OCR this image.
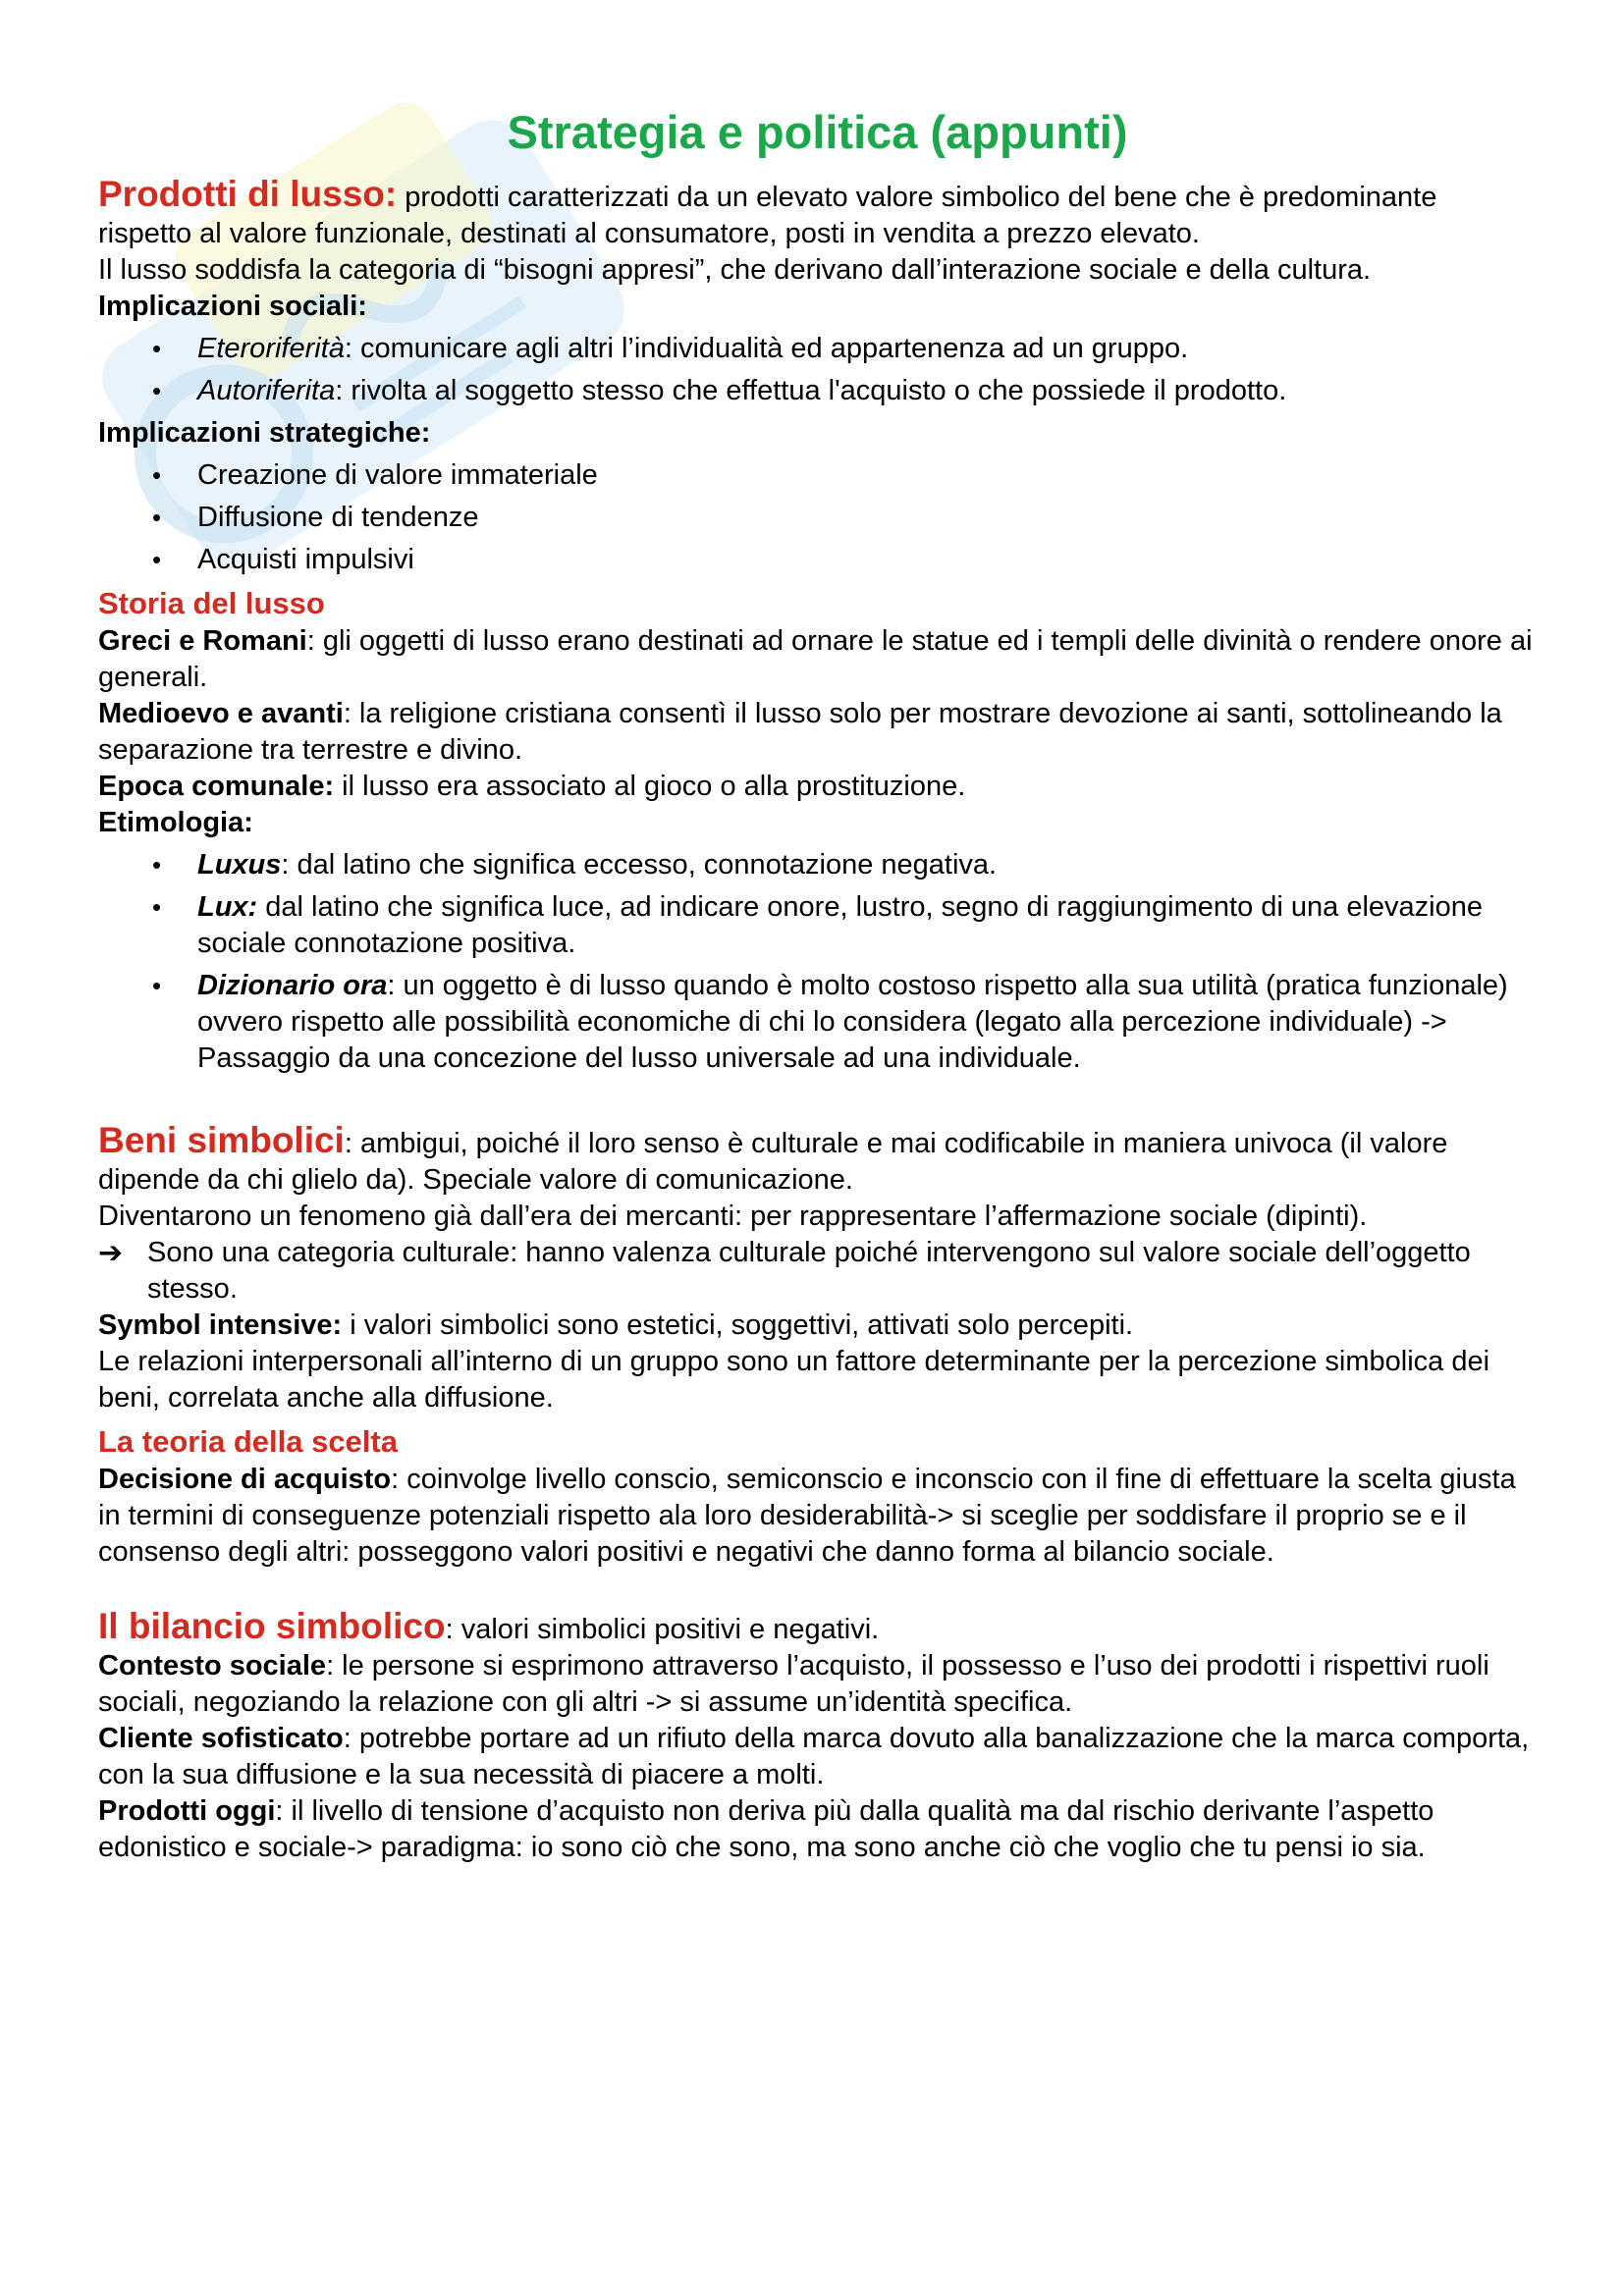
Strategia e politica (appunti)

Prodotti di lusso: prodotti caratterizzati da un elevato valore simbolico del bene che è predominante rispetto al valore funzionale, destinati al consumatore, posti in vendita a prezzo elevato.

Il lusso soddisfa la categoria di “bisogni appresi”, che derivano dall’interazione sociale e della cultura.

Implicazioni sociali:

• Eteroriferità: comunicare agli altri l’individualità ed appartenenza ad un gruppo.
• Autoriferita: rivolta al soggetto stesso che effettua l'acquisto o che possiede il prodotto.

Implicazioni strategiche:

• Creazione di valore immateriale
• Diffusione di tendenze
• Acquisti impulsivi

Storia del lusso

Greci e Romani: gli oggetti di lusso erano destinati ad ornare le statue ed i templi delle divinità o rendere onore ai generali.

Medioevo e avanti: la religione cristiana consentì il lusso solo per mostrare devozione ai santi, sottolineando la separazione tra terrestre e divino.

Epoca comunale: il lusso era associato al gioco o alla prostituzione.

Etimologia:

• Luxus: dal latino che significa eccesso, connotazione negativa.
• Lux: dal latino che significa luce, ad indicare onore, lustro, segno di raggiungimento di una elevazione sociale connotazione positiva.
• Dizionario ora: un oggetto è di lusso quando è molto costoso rispetto alla sua utilità (pratica funzionale) ovvero rispetto alle possibilità economiche di chi lo considera (legato alla percezione individuale) -> Passaggio da una concezione del lusso universale ad una individuale.

Beni simbolici: ambigui, poiché il loro senso è culturale e mai codificabile in maniera univoca (il valore dipende da chi glielo da). Speciale valore di comunicazione.

Diventarono un fenomeno già dall’era dei mercanti: per rappresentare l’affermazione sociale (dipinti).

➔ Sono una categoria culturale: hanno valenza culturale poiché intervengono sul valore sociale dell’oggetto stesso.

Symbol intensive: i valori simbolici sono estetici, soggettivi, attivati solo percepiti.

Le relazioni interpersonali all’interno di un gruppo sono un fattore determinante per la percezione simbolica dei beni, correlata anche alla diffusione.

La teoria della scelta

Decisione di acquisto: coinvolge livello conscio, semiconscio e inconscio con il fine di effettuare la scelta giusta in termini di conseguenze potenziali rispetto ala loro desiderabilità-> si sceglie per soddisfare il proprio se e il consenso degli altri: posseggono valori positivi e negativi che danno forma al bilancio sociale.

Il bilancio simbolico: valori simbolici positivi e negativi.

Contesto sociale: le persone si esprimono attraverso l’acquisto, il possesso e l’uso dei prodotti i rispettivi ruoli sociali, negoziando la relazione con gli altri -> si assume un’identità specifica.

Cliente sofisticato: potrebbe portare ad un rifiuto della marca dovuto alla banalizzazione che la marca comporta, con la sua diffusione e la sua necessità di piacere a molti.

Prodotti oggi: il livello di tensione d’acquisto non deriva più dalla qualità ma dal rischio derivante l’aspetto edonistico e sociale-> paradigma: io sono ciò che sono, ma sono anche ciò che voglio che tu pensi io sia.
